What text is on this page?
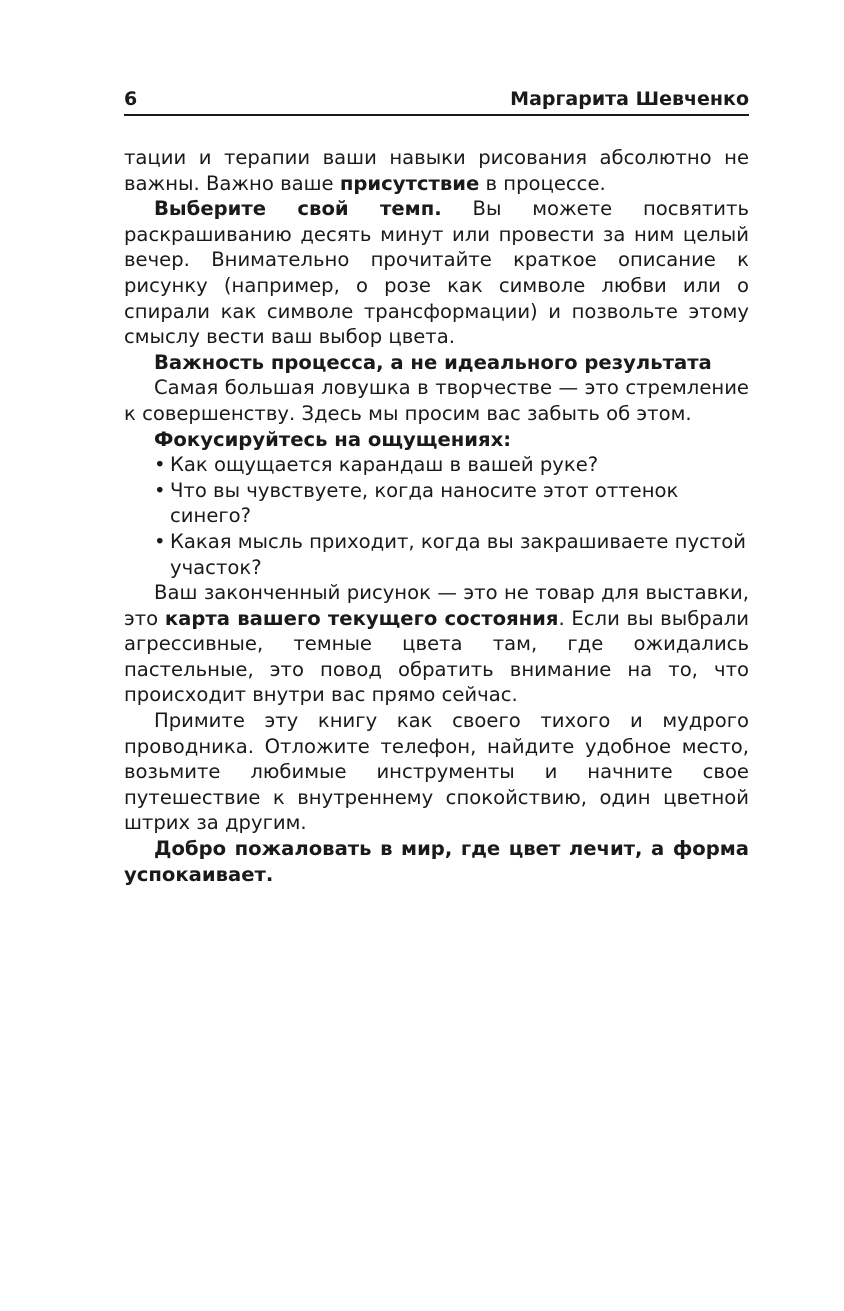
6	Маргарита Шевченко

тации и терапии ваши навыки рисования абсолютно не важны. Важно ваше присутствие в процессе.

Выберите свой темп. Вы можете посвятить раскрашиванию десять минут или провести за ним целый вечер. Внимательно прочитайте краткое описание к рисунку (например, о розе как символе любви или о спирали как символе трансформации) и позвольте этому смыслу вести ваш выбор цвета.

Важность процесса, а не идеального результата

Самая большая ловушка в творчестве — это стремление к совершенству. Здесь мы просим вас забыть об этом.

Фокусируйтесь на ощущениях:

• Как ощущается карандаш в вашей руке?
• Что вы чувствуете, когда наносите этот оттенок синего?
• Какая мысль приходит, когда вы закрашиваете пустой участок?

Ваш законченный рисунок — это не товар для выставки, это карта вашего текущего состояния. Если вы выбрали агрессивные, темные цвета там, где ожидались пастельные, это повод обратить внимание на то, что происходит внутри вас прямо сейчас.

Примите эту книгу как своего тихого и мудрого проводника. Отложите телефон, найдите удобное место, возьмите любимые инструменты и начните свое путешествие к внутреннему спокойствию, один цветной штрих за другим.

Добро пожаловать в мир, где цвет лечит, а форма успокаивает.
